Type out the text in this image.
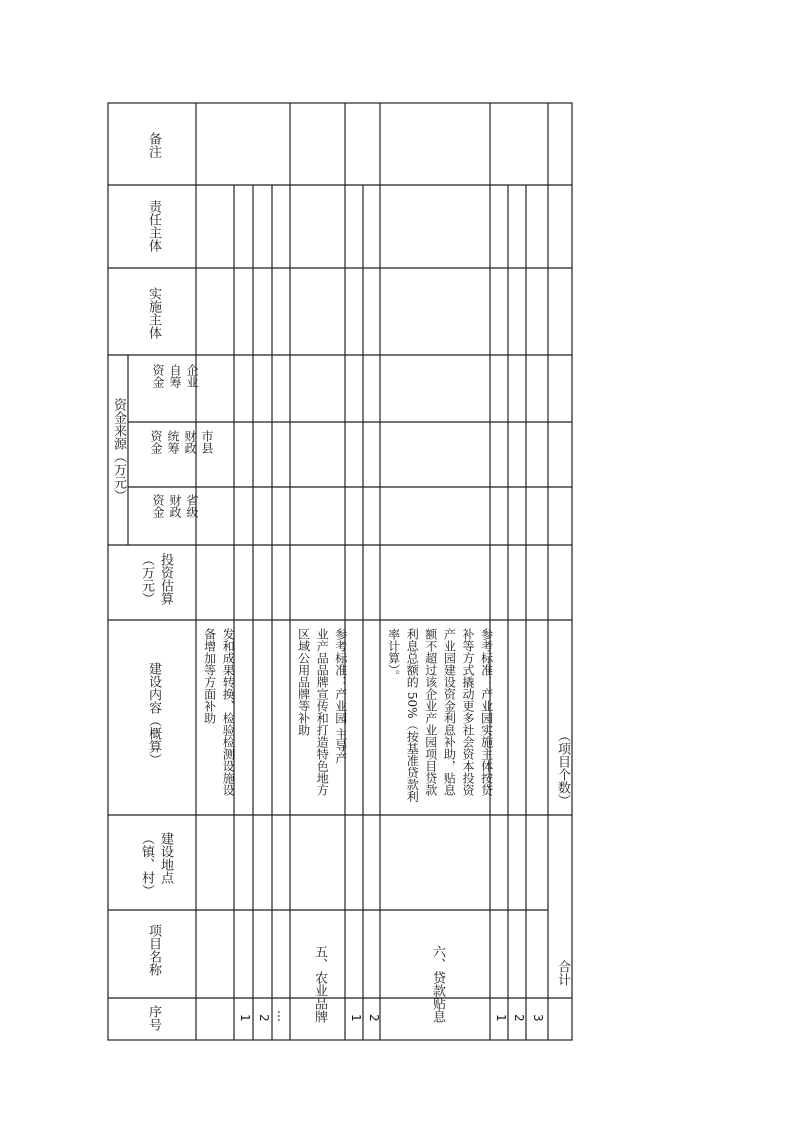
备注
责任主体
实施主体
资金来源（万元）
企业
自筹
资金
市县
财政
统筹
资金
省级
财政
资金
投资估算
（万元）
建设内容（概算）
建设地点
（镇、村）
项目名称
序号
发和成果转换、检验检测设施设
备增加等方面补助
1 2 … 五、农业品牌
参考标准：产业园 主导产
业产品品牌宣传和打造特色地方
区域公用品牌等补助
1 2	六、贷款贴息
参考标准：产业园实施主体按贷
补等方式撬动更多社会资本投资
产业园建设资金利息补助，贴息
额不超过该企业产业园项目贷款
利息总额的 50%（按基准贷款利
率计算）。
1 2 3
合计
（项目个数）
